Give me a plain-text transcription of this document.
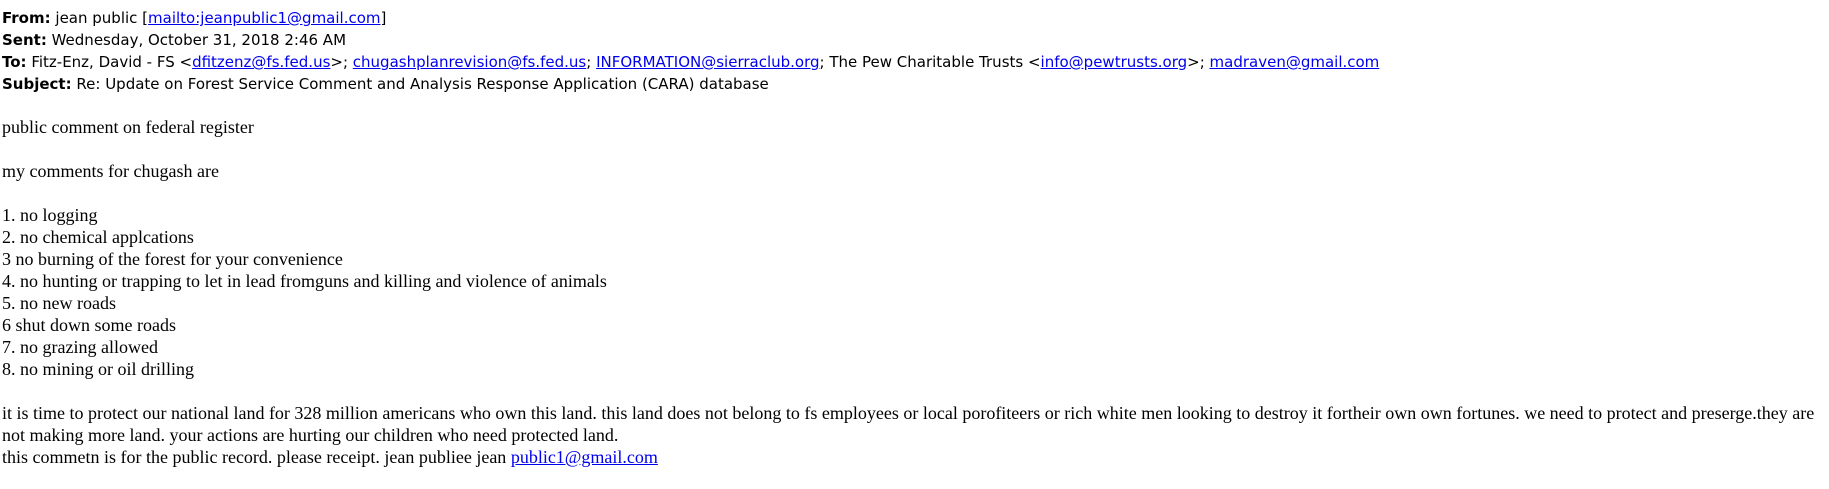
From: jean public [mailto:jeanpublic1@gmail.com]
Sent: Wednesday, October 31, 2018 2:46 AM
To: Fitz-Enz, David - FS <dfitzenz@fs.fed.us>; chugashplanrevision@fs.fed.us; INFORMATION@sierraclub.org; The Pew Charitable Trusts <info@pewtrusts.org>; madraven@gmail.com
Subject: Re: Update on Forest Service Comment and Analysis Response Application (CARA) database
public comment on federal register
my comments for chugash are
1. no logging
2. no chemical applcations
3 no burning of the forest for your convenience
4. no hunting or trapping to let in lead fromguns and killing and violence of animals
5. no new roads
6 shut down some roads
7. no grazing allowed
8. no mining or oil drilling
it is time to protect our national land for 328 million americans who own this land. this land does not belong to fs employees or local porofiteers or rich white men looking to destroy it fortheir own own fortunes. we need to protect and preserge.they are not making more land. your actions are hurting our children who need protected land.
this commetn is for the public record. please receipt. jean publiee jean public1@gmail.com
